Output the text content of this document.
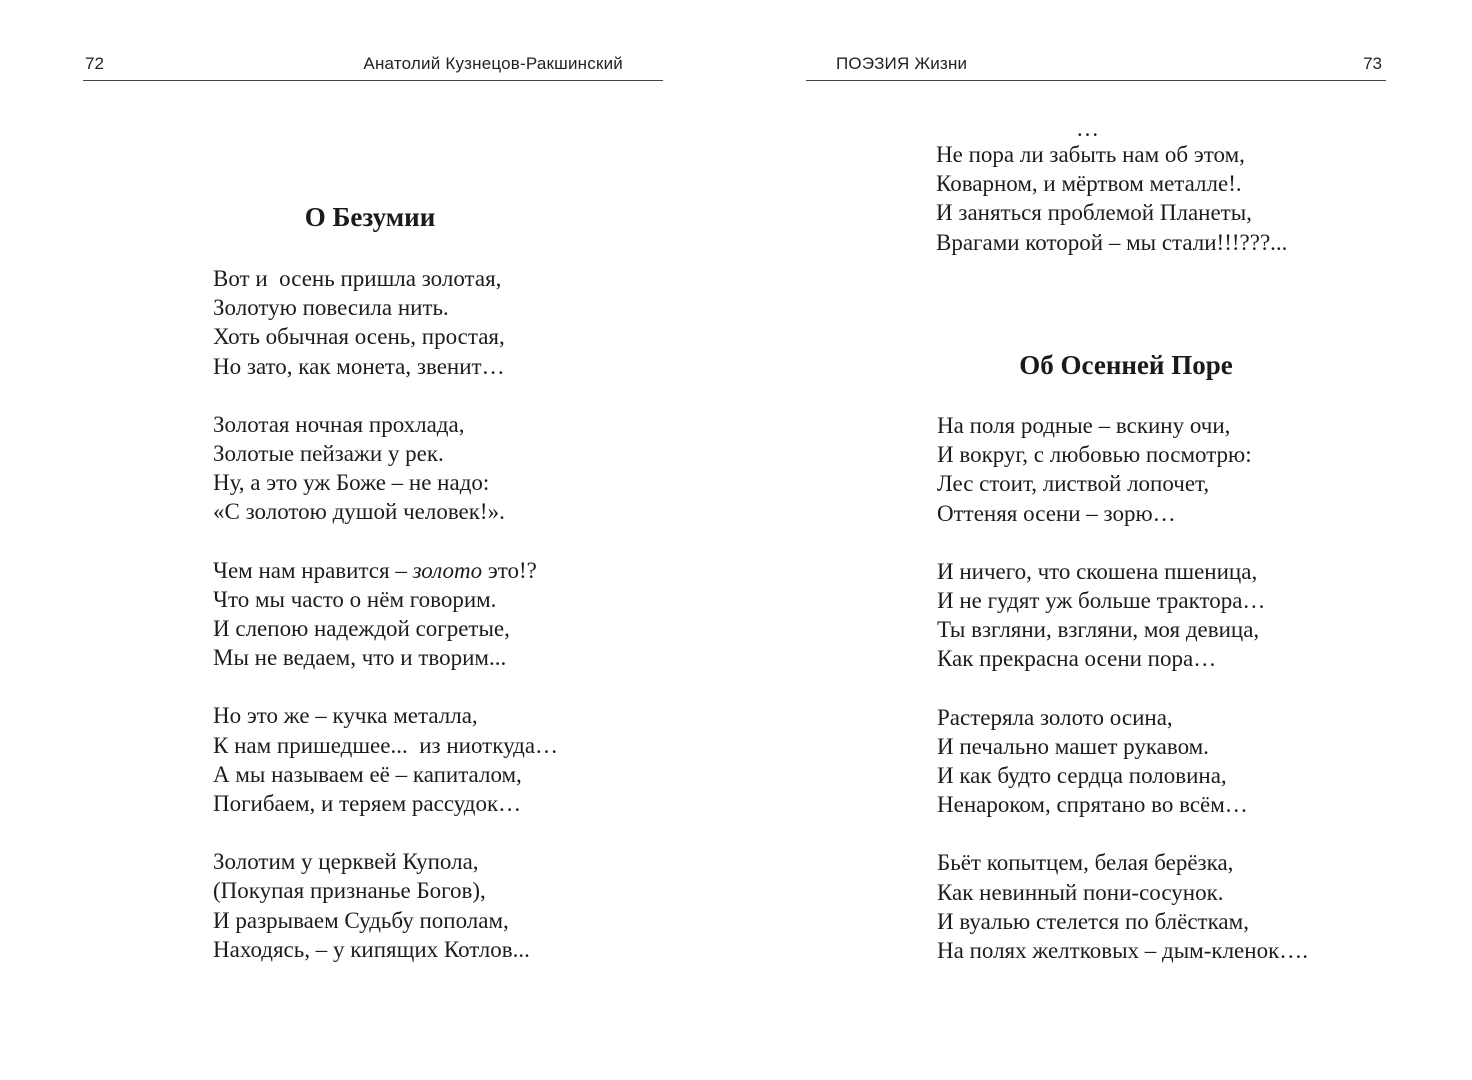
72	Анатолий Кузнецов-Ракшинский
О Безумии
Вот и  осень пришла золотая,
Золотую повесила нить.
Хоть обычная осень, простая,
Но зато, как монета, звенит…
Золотая ночная прохлада,
Золотые пейзажи у рек.
Ну, а это уж Боже – не надо:
«С золотою душой человек!».
Чем нам нравится – золото это!?
Что мы часто о нём говорим.
И слепою надеждой согретые,
Мы не ведаем, что и творим...
Но это же – кучка металла,
К нам пришедшее...  из ниоткуда…
А мы называем её – капиталом,
Погибаем, и теряем рассудок…
Золотим у церквей Купола,
(Покупая признанье Богов),
И разрываем Судьбу пополам,
Находясь, – у кипящих Котлов...
ПОЭЗИЯ Жизни	73
…
Не пора ли забыть нам об этом,
Коварном, и мёртвом металле!.
И заняться проблемой Планеты,
Врагами которой – мы стали!!!???...
Об Осенней Поре
На поля родные – вскину очи,
И вокруг, с любовью посмотрю:
Лес стоит, листвой лопочет,
Оттеняя осени – зорю…
И ничего, что скошена пшеница,
И не гудят уж больше трактора…
Ты взгляни, взгляни, моя девица,
Как прекрасна осени пора…
Растеряла золото осина,
И печально машет рукавом.
И как будто сердца половина,
Ненароком, спрятано во всём…
Бьёт копытцем, белая берёзка,
Как невинный пони-сосунок.
И вуалью стелется по блёсткам,
На полях желтковых – дым-кленок….
